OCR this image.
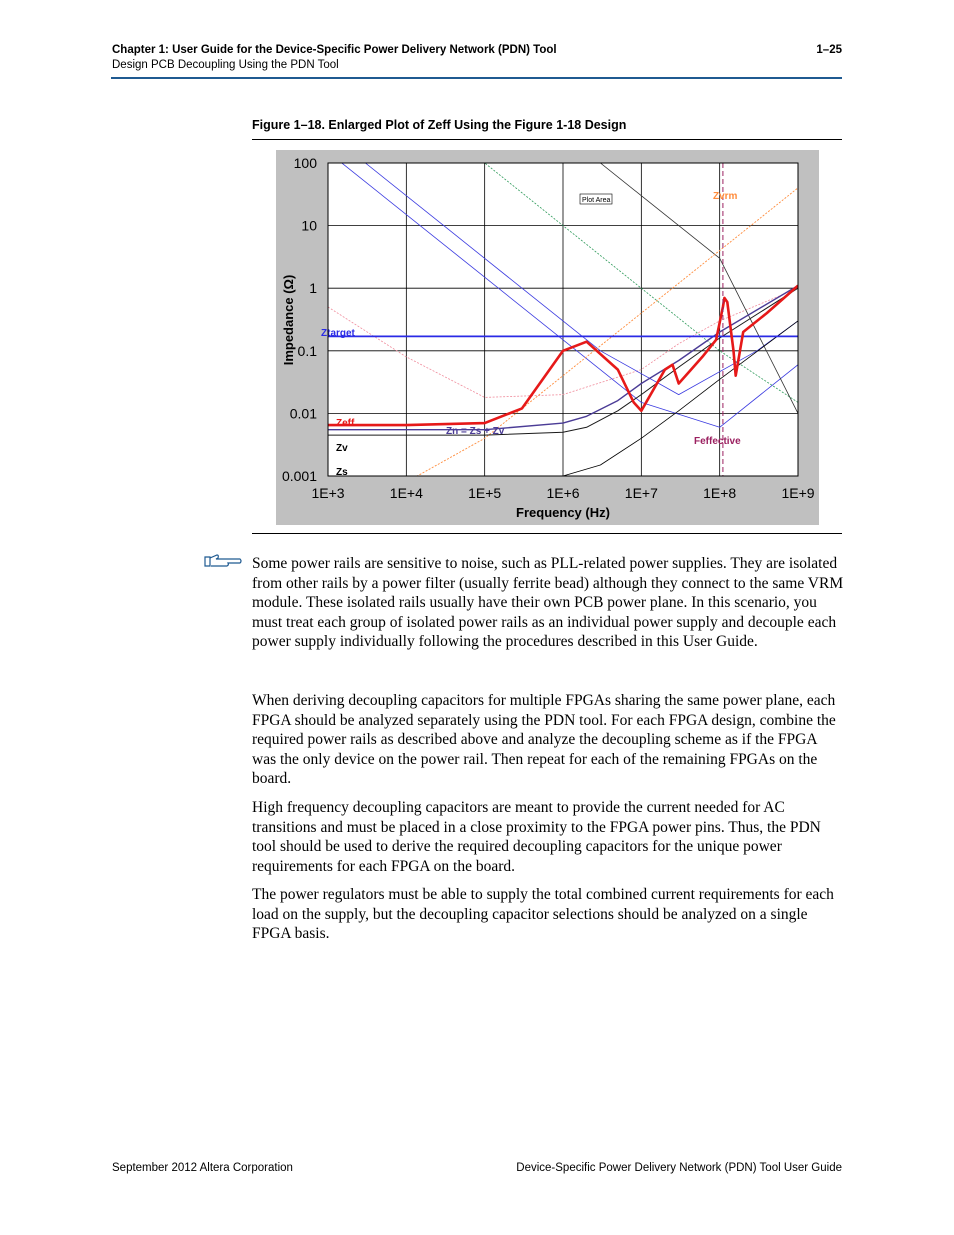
Chapter 1: User Guide for the Device-Specific Power Delivery Network (PDN) Tool	1–25
Design PCB Decoupling Using the PDN Tool
Figure 1–18. Enlarged Plot of Zeff Using the Figure 1-18 Design
Zvrm
Ztarget
Zeff
Zn = Zs + Zv
Zv
Zs
Feffective
1E+3	1E+4	1E+5	1E+6	1E+7	1E+8	1E+9
100
10
1
0.1
0.01
0.001
Plot Area
Frequency (Hz)
Impedance (Ω)
Some power rails are sensitive to noise, such as PLL-related power supplies. They are isolated from other rails by a power filter (usually ferrite bead) although they connect to the same VRM module. These isolated rails usually have their own PCB power plane. In this scenario, you must treat each group of isolated power rails as an individual power supply and decouple each power supply individually following the procedures described in this User Guide.
When deriving decoupling capacitors for multiple FPGAs sharing the same power plane, each FPGA should be analyzed separately using the PDN tool. For each FPGA design, combine the required power rails as described above and analyze the decoupling scheme as if the FPGA was the only device on the power rail. Then repeat for each of the remaining FPGAs on the board.
High frequency decoupling capacitors are meant to provide the current needed for AC transitions and must be placed in a close proximity to the FPGA power pins. Thus, the PDN tool should be used to derive the required decoupling capacitors for the unique power requirements for each FPGA on the board.
The power regulators must be able to supply the total combined current requirements for each load on the supply, but the decoupling capacitor selections should be analyzed on a single FPGA basis.
September 2012 Altera Corporation	Device-Specific Power Delivery Network (PDN) Tool User Guide
